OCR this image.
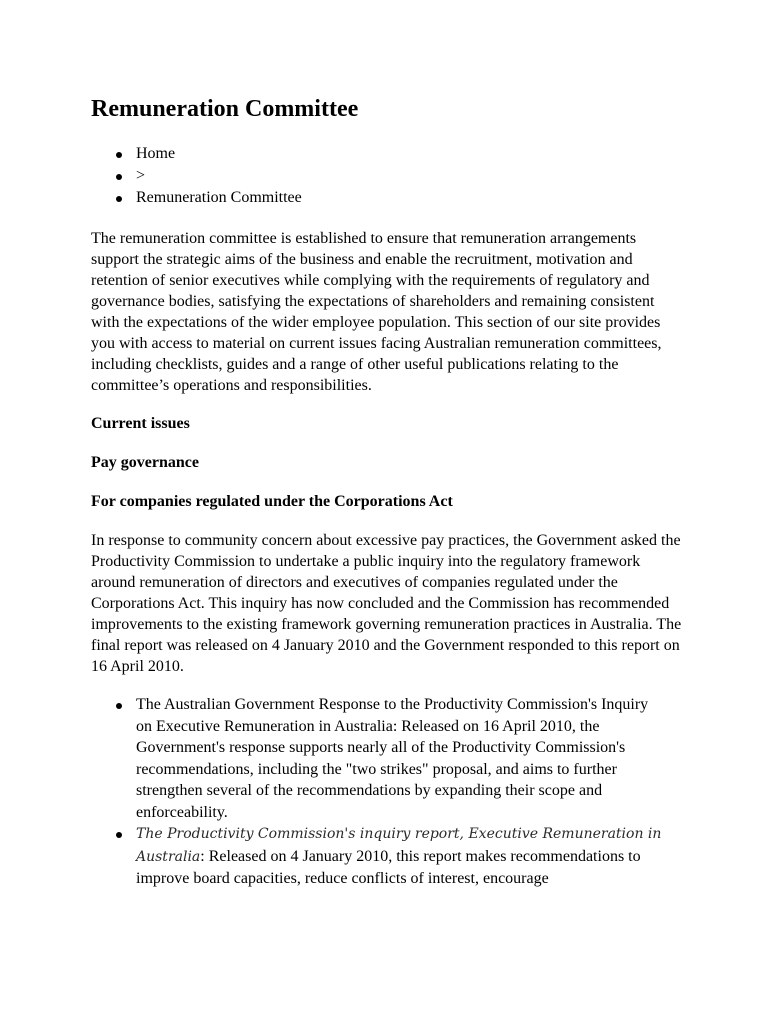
Remuneration Committee
Home
>
Remuneration Committee

The remuneration committee is established to ensure that remuneration arrangements support the strategic aims of the business and enable the recruitment, motivation and retention of senior executives while complying with the requirements of regulatory and governance bodies, satisfying the expectations of shareholders and remaining consistent with the expectations of the wider employee population. This section of our site provides you with access to material on current issues facing Australian remuneration committees, including checklists, guides and a range of other useful publications relating to the committee’s operations and responsibilities.

Current issues

Pay governance

For companies regulated under the Corporations Act

In response to community concern about excessive pay practices, the Government asked the Productivity Commission to undertake a public inquiry into the regulatory framework around remuneration of directors and executives of companies regulated under the Corporations Act. This inquiry has now concluded and the Commission has recommended improvements to the existing framework governing remuneration practices in Australia. The final report was released on 4 January 2010 and the Government responded to this report on 16 April 2010.

The Australian Government Response to the Productivity Commission's Inquiry on Executive Remuneration in Australia: Released on 16 April 2010, the Government's response supports nearly all of the Productivity Commission's recommendations, including the "two strikes" proposal, and aims to further strengthen several of the recommendations by expanding their scope and enforceability.
The Productivity Commission's inquiry report, Executive Remuneration in Australia: Released on 4 January 2010, this report makes recommendations to improve board capacities, reduce conflicts of interest, encourage
